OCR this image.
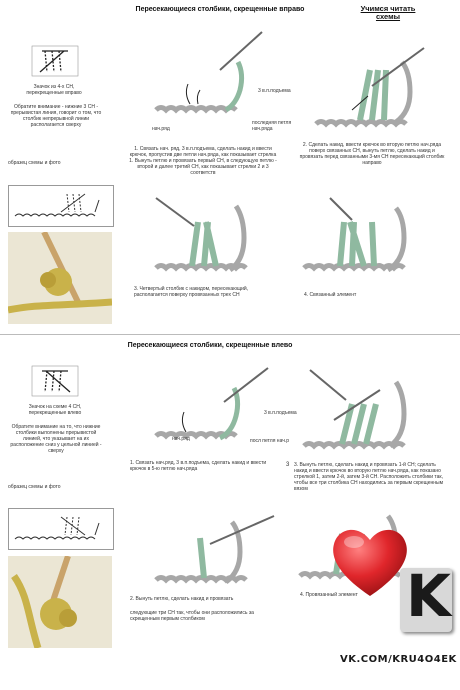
Пересекающиеся столбики, скрещенные вправо	Учимся читать схемы
Значок из 4-х СН, перекрещенные вправо
Обратите внимание - нижние 3 СН - прерывистая линия, говорит о том, что столбик непрерывной линии располагается сверху
образец схемы и фото
3 в.п.подъема
нач.ряд
последняя петля нач.ряда
1. Связать нач. ряд, 3 в.п.подъема, сделать накид и ввести крючок, пропустив две петли нач.ряда, как показывает стрелка 1. Вынуть петлю и провязать первый СН, в следующую петлю - второй и далее третий СН, как показывает стрелки 2 и 3 соответств
2. Сделать накид, ввести крючок во вторую петлю нач.ряда поверх связанных СН, вынуть петлю, сделать накид и провязать перед связанными 3-мя СН пересекающий столбик направо
3. Четвертый столбик с накидом, пересекающий, располагается поверху провязанных трех СН	4. Связанный элемент
Пересекающиеся столбики, скрещенные влево
Значок на схеме 4 СН, перекрещенные влево
Обратите внимание на то, что нижние столбики выполнены прерывистой линией, что указывает на их расположение сниз у цельной линией - сверху
образец схемы и фото
3 в.п.подъема
нач.ряд	посл петля нач.р
1. Связать нач.ряд, 3 в.п.подъема, сделать накид и ввести крючок в 5-ю петлю нач.ряда
3 3. Вынуть петлю, сделать накид и провязать 1-й СН; сделать накид и ввести крючок во вторую петлю нач.ряда, как показано стрелкой 1, затем 2-й, затем 3-й СН. Расположить столбики так, чтобы все три столбика СН находились за первым скрещенным вязом
2. Вынуть петлю, сделать накид и провязать
следующие три СН так, чтобы они расположились за скрещенным первым столбиком
4. Провязанный элемент K
VK.COM/KRU4O4EK
